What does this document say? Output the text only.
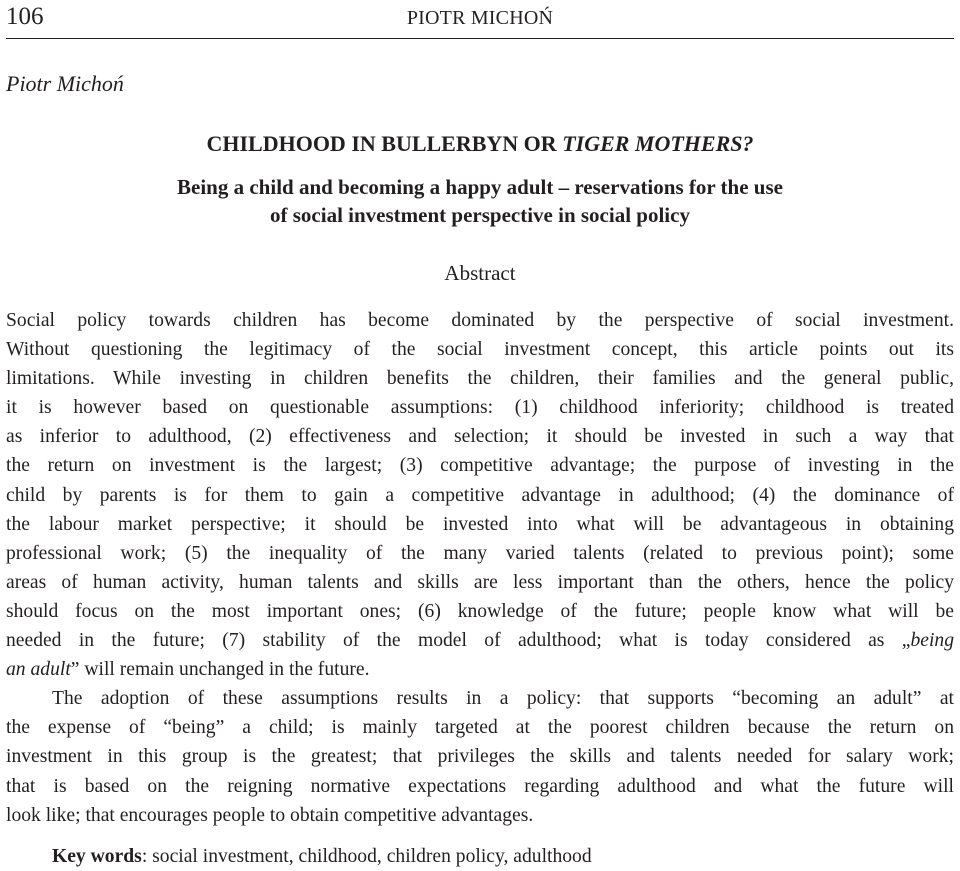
106	PIOTR MICHOŃ
Piotr Michoń
CHILDHOOD IN BULLERBYN OR TIGER MOTHERS?
Being a child and becoming a happy adult – reservations for the use
of social investment perspective in social policy
Abstract

Social policy towards children has become dominated by the perspective of social investment.
Without questioning the legitimacy of the social investment concept, this article points out its
limitations. While investing in children benefits the children, their families and the general public,
it is however based on questionable assumptions: (1) childhood inferiority; childhood is treated
as inferior to adulthood, (2) effectiveness and selection; it should be invested in such a way that
the return on investment is the largest; (3) competitive advantage; the purpose of investing in the
child by parents is for them to gain a competitive advantage in adulthood; (4) the dominance of
the labour market perspective; it should be invested into what will be advantageous in obtaining
professional work; (5) the inequality of the many varied talents (related to previous point); some
areas of human activity, human talents and skills are less important than the others, hence the policy
should focus on the most important ones; (6) knowledge of the future; people know what will be
needed in the future; (7) stability of the model of adulthood; what is today considered as „being
an adult” will remain unchanged in the future.

The adoption of these assumptions results in a policy: that supports “becoming an adult” at
the expense of “being” a child; is mainly targeted at the poorest children because the return on
investment in this group is the greatest; that privileges the skills and talents needed for salary work;
that is based on the reigning normative expectations regarding adulthood and what the future will
look like; that encourages people to obtain competitive advantages.

Key words: social investment, childhood, children policy, adulthood
